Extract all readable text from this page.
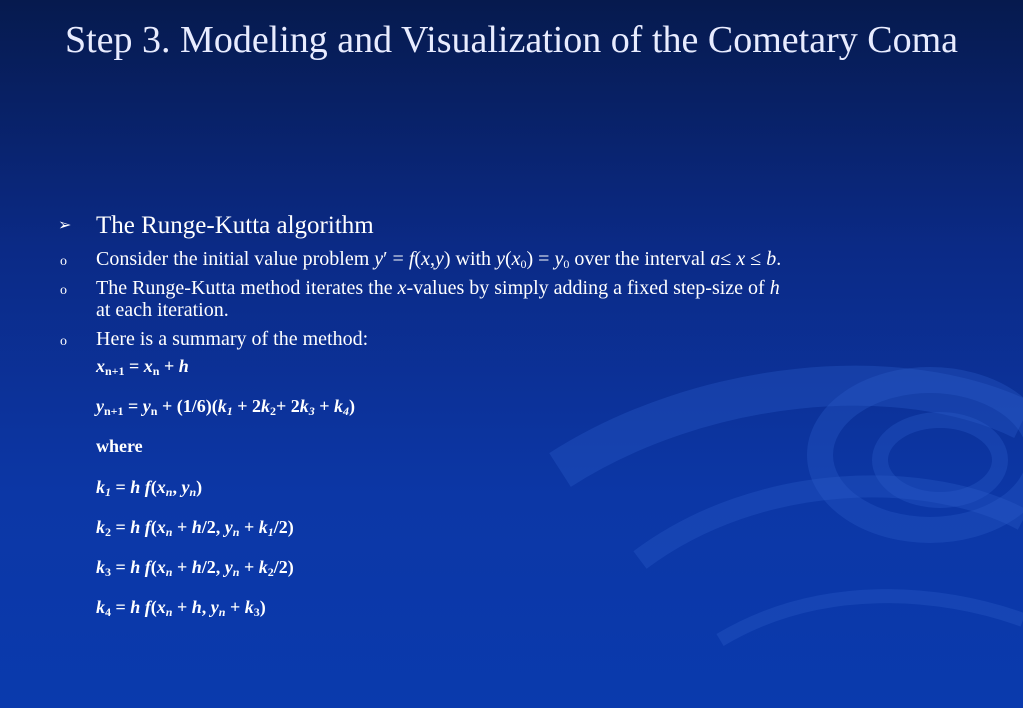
Step 3. Modeling and Visualization of the Cometary Coma
➢ The Runge-Kutta algorithm
o Consider the initial value problem y′ = f(x,y) with $y(x_0) = y_0$ over the interval a≤ x ≤ b.
o The Runge-Kutta method iterates the x-values by simply adding a fixed step-size of h
at each iteration.
o Here is a summary of the method:
$x_{n+1} = x_n + h$
$y_{n+1} = y_n + (1/6)(k_1 + 2k_2+ 2k_3 + k_4)$
where
$k_1 = h$ $f(x_n$, $y_n$)
$k_2 = h$ $f(x_n + h/2$, $y_n + k_1/2$)
$k_3 = h$ $f(x_n + h/2$, $y_n + k_2/2$)
$k_4 = h$ $f(x_n + h$, $y_n + k_3$)
